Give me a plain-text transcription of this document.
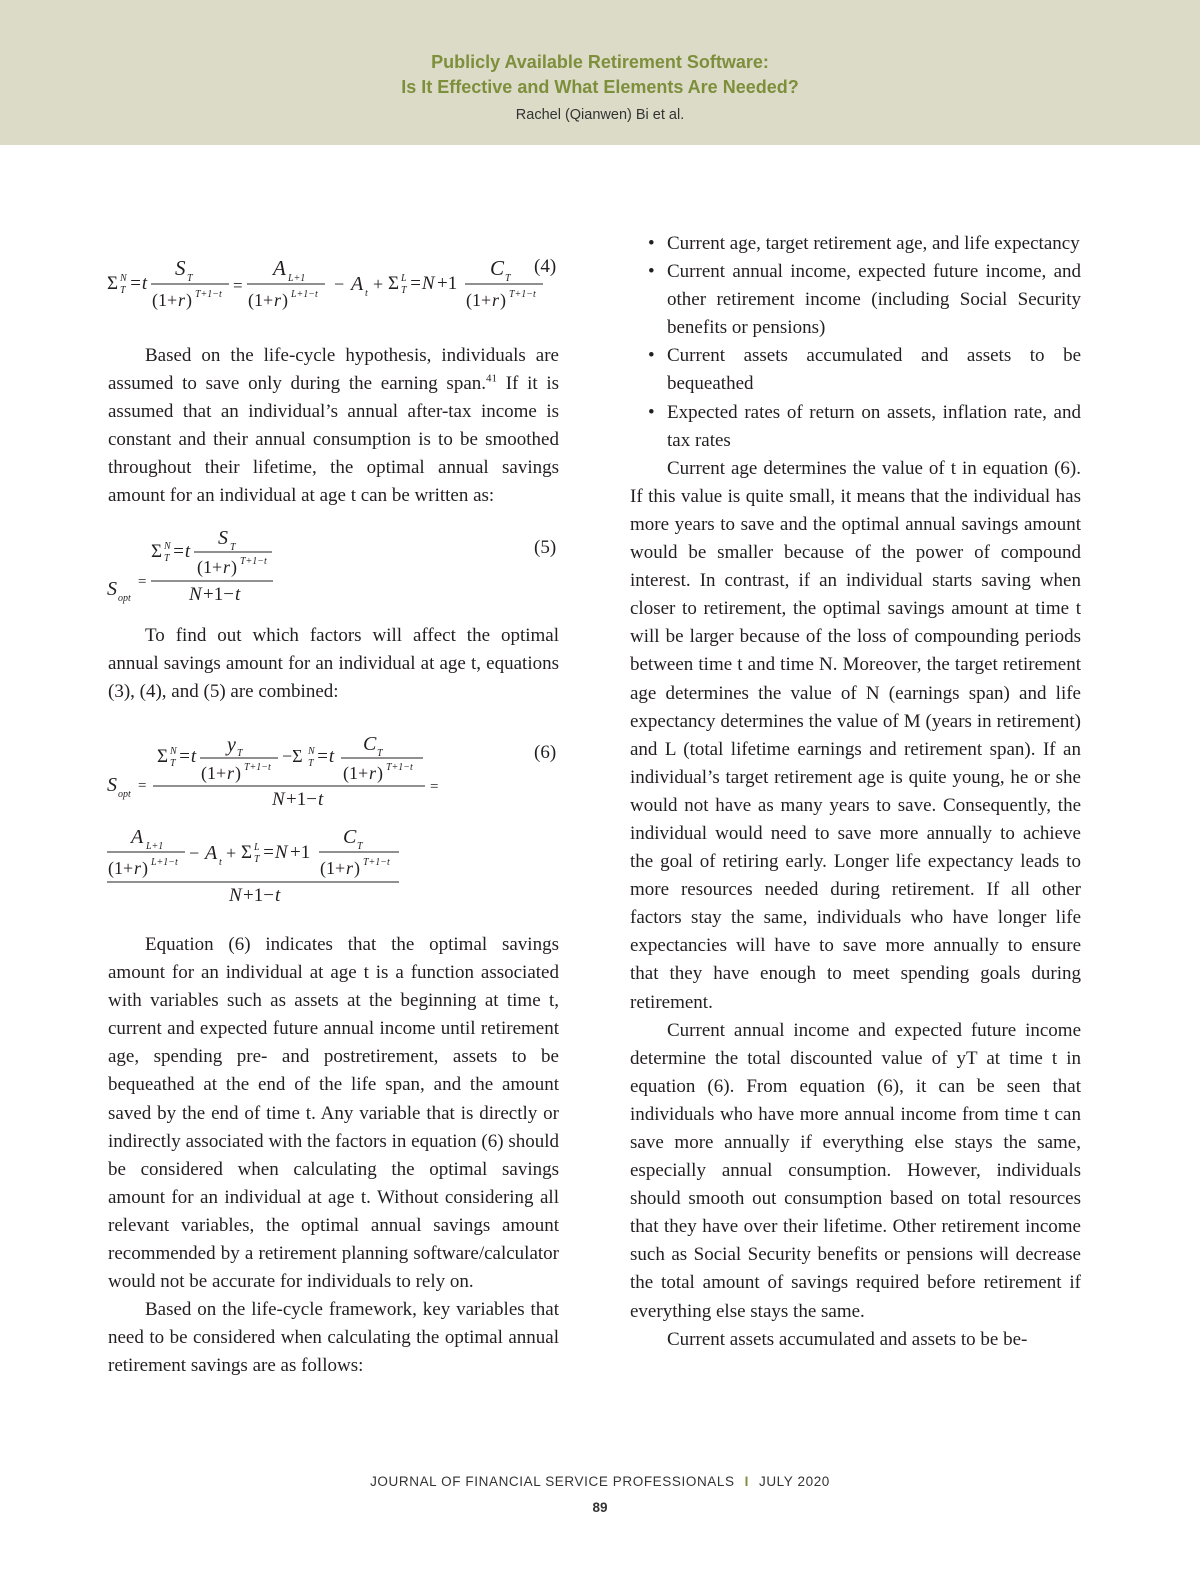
Publicly Available Retirement Software:
Is It Effective and What Elements Are Needed?
Rachel (Qianwen) Bi et al.
Σ N
T =t
S T
(1+ r ) T+1−t =
A L+1
(1+ r ) L+1−t
− A t + Σ L
T =N +1
C T
(1+ r ) T+1−t
(4)

Based on the life-cycle hypothesis, individuals are assumed to save only during the earning span.$^{41}$ If it is assumed that an individual’s annual after-tax income is constant and their annual consumption is to be smoothed throughout their lifetime, the optimal annual savings amount for an individual at age t can be written as:

S opt
=
Σ N
T =t
S T
(1+ r ) T+1−t
N +1− t
(5)

To find out which factors will affect the optimal annual savings amount for an individual at age t, equations (3), (4), and (5) are combined:

S opt
=
Σ N
T =t
y T
(1+ r ) T+1−t
−Σ N
T =t
C T
(1+ r ) T+1−t
N +1− t
=
A L+1
(1+ r ) L+1−t − A t + Σ L
T =N +1
C T
(1+ r ) T+1−t
N +1− t
(6)

Equation (6) indicates that the optimal savings amount for an individual at age t is a function associated with variables such as assets at the beginning at time t, current and expected future annual income until retirement age, spending pre- and postretirement, assets to be bequeathed at the end of the life span, and the amount saved by the end of time t. Any variable that is directly or indirectly associated with the factors in equation (6) should be considered when calculating the optimal savings amount for an individual at age t. Without considering all relevant variables, the optimal annual savings amount recommended by a retirement planning software/calculator would not be accurate for individuals to rely on.

Based on the life-cycle framework, key variables that need to be considered when calculating the optimal annual retirement savings are as follows:

• Current age, target retirement age, and life expectancy
• Current annual income, expected future income, and other retirement income (including Social Security benefits or pensions)
• Current assets accumulated and assets to be bequeathed
• Expected rates of return on assets, inflation rate, and tax rates

Current age determines the value of t in equation (6). If this value is quite small, it means that the individual has more years to save and the optimal annual savings amount would be smaller because of the power of compound interest. In contrast, if an individual starts saving when closer to retirement, the optimal savings amount at time t will be larger because of the loss of compounding periods between time t and time N. Moreover, the target retirement age determines the value of N (earnings span) and life expectancy determines the value of M (years in retirement) and L (total lifetime earnings and retirement span). If an individual’s target retirement age is quite young, he or she would not have as many years to save. Consequently, the individual would need to save more annually to achieve the goal of retiring early. Longer life expectancy leads to more resources needed during retirement. If all other factors stay the same, individuals who have longer life expectancies will have to save more annually to ensure that they have enough to meet spending goals during retirement.

Current annual income and expected future income determine the total discounted value of yT at time t in equation (6). From equation (6), it can be seen that individuals who have more annual income from time t can save more annually if everything else stays the same, especially annual consumption. However, individuals should smooth out consumption based on total resources that they have over their lifetime. Other retirement income such as Social Security benefits or pensions will decrease the total amount of savings required before retirement if everything else stays the same.

Current assets accumulated and assets to be be-

JOURNAL OF FINANCIAL SERVICE PROFESSIONALS I JULY 2020
89
